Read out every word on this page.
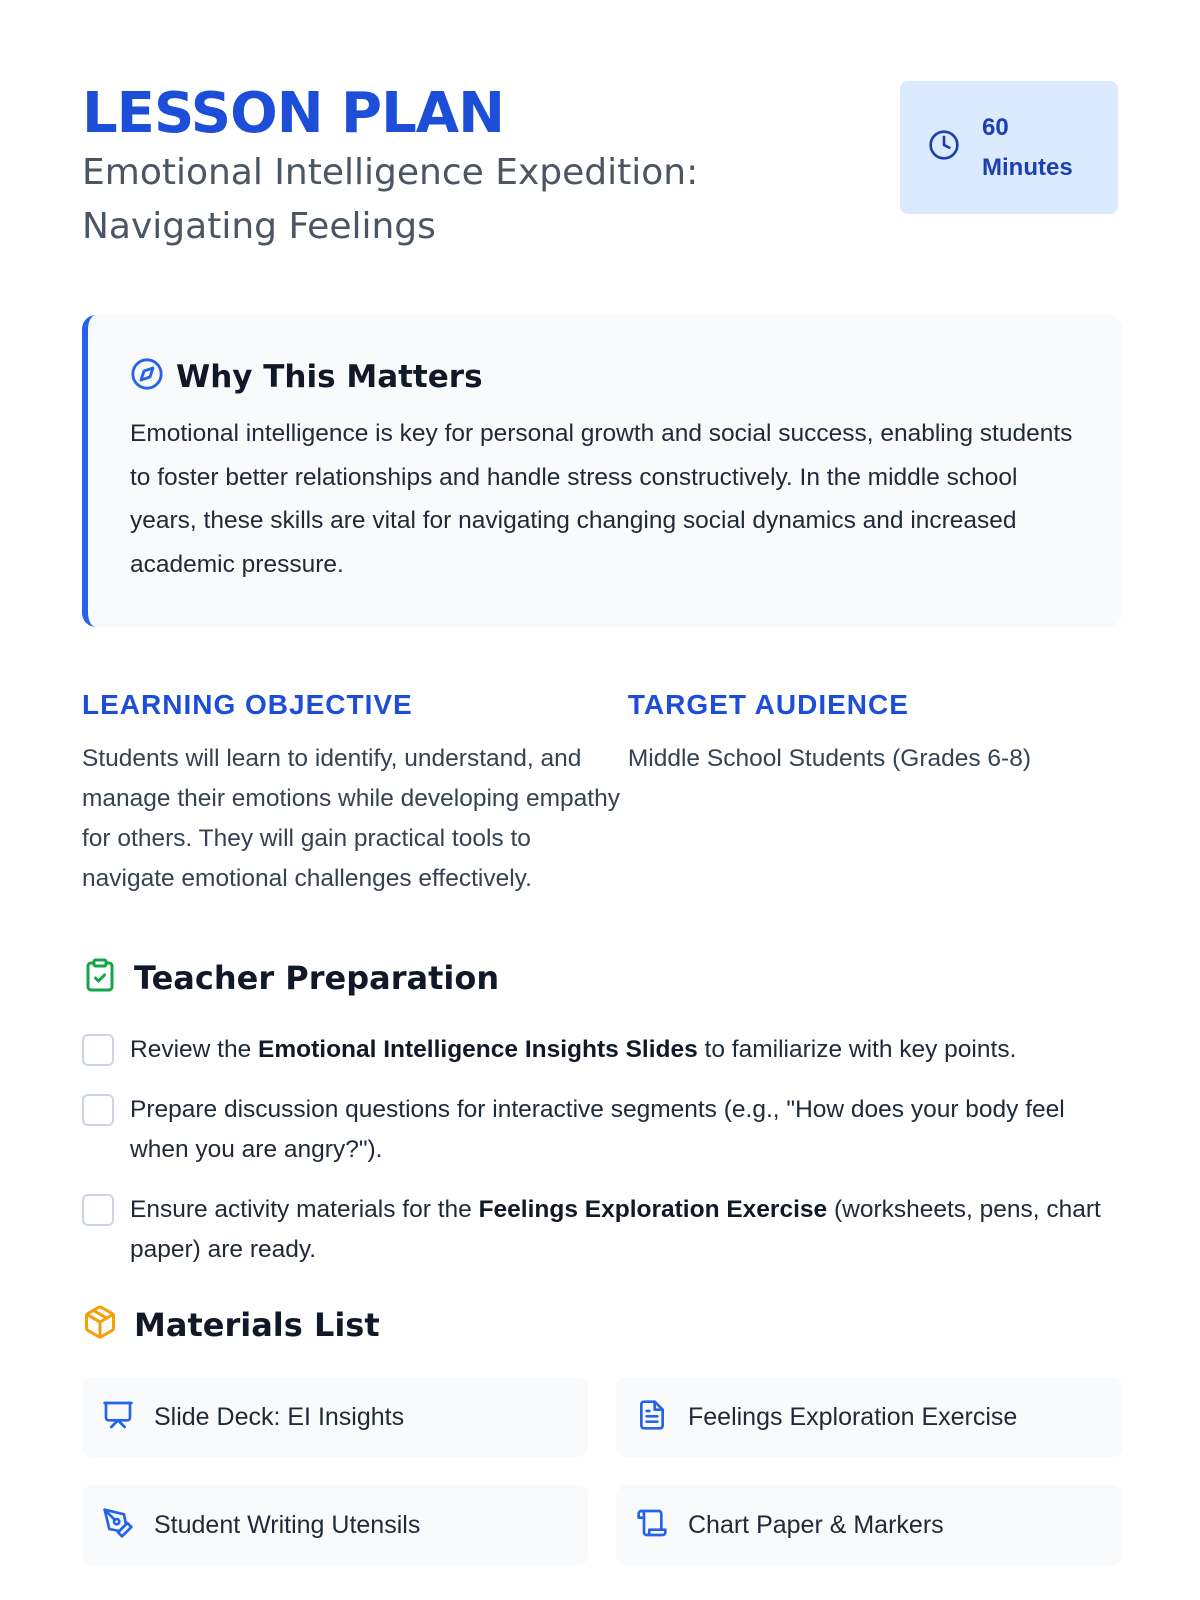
LESSON PLAN
Emotional Intelligence Expedition: Navigating Feelings
60
Minutes
Why This Matters

Emotional intelligence is key for personal growth and social success, enabling students to foster better relationships and handle stress constructively. In the middle school years, these skills are vital for navigating changing social dynamics and increased academic pressure.

LEARNING OBJECTIVE

Students will learn to identify, understand, and manage their emotions while developing empathy for others. They will gain practical tools to navigate emotional challenges effectively.

TARGET AUDIENCE

Middle School Students (Grades 6-8)

Teacher Preparation
Review the Emotional Intelligence Insights Slides to familiarize with key points.
Prepare discussion questions for interactive segments (e.g., "How does your body feel when you are angry?").
Ensure activity materials for the Feelings Exploration Exercise (worksheets, pens, chart paper) are ready.
Materials List
Slide Deck: EI Insights	Feelings Exploration Exercise
Student Writing Utensils	Chart Paper & Markers
